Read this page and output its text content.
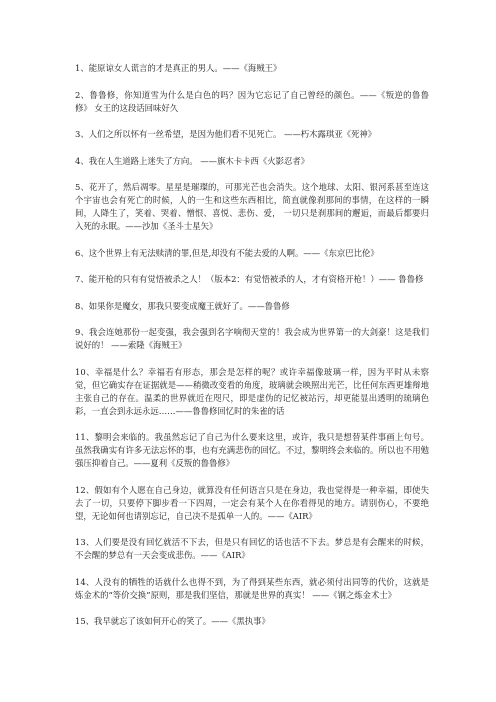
1、能原谅女人谎言的才是真正的男人。——《海贼王》
2、鲁鲁修，你知道雪为什么是白色的吗？因为它忘记了自己曾经的颜色。——《叛逆的鲁鲁修》 女王的这段话回味好久
3、人们之所以怀有一丝希望，是因为他们看不见死亡。 ——朽木露琪亚《死神》
4、我在人生道路上迷失了方向。 ——旗木卡卡西《火影忍者》
5、花开了，然后凋零。星星是璀璨的，可那光芒也会消失。这个地球、太阳、银河系甚至连这个宇宙也会有死亡的时候，人的一生和这些东西相比，简直就像刹那间的事情，在这样的一瞬间，人降生了，笑着、哭着、憎恨、喜悦、悲伤、爱， 一切只是刹那间的邂逅，而最后都要归入死的永眠。——沙加《圣斗士星矢》
6、这个世界上有无法赎清的罪,但是,却没有不能去爱的人啊。——《东京巴比伦》
7、能开枪的只有有觉悟被杀之人！（版本2：有觉悟被杀的人，才有资格开枪！）—— 鲁鲁修
8、如果你是魔女，那我只要变成魔王就好了。——鲁鲁修
9、我会连她那份一起变强，我会强到名字响彻天堂的！我会成为世界第一的大剑豪！这是我们说好的！ ——索隆《海贼王》
10、幸福是什么？幸福若有形态，那会是怎样的呢？或许幸福像玻璃一样，因为平时从未察觉，但它确实存在证据就是——稍微改变看的角度，玻璃就会映照出光芒，比任何东西更雄辩地主张自己的存在。温柔的世界就近在咫尺，即是虚伪的记忆被站污，却更能显出透明的琉璃色彩，一直会到永远永远……——鲁鲁修回忆时的朱雀的话
11、黎明会来临的。我虽然忘记了自己为什么要来这里，或许，我只是想替某件事画上句号。虽然我确实有许多无法忘怀的事，也有充满悲伤的回忆。不过，黎明终会来临的。所以也不用勉强压抑着自己。——夏利《反叛的鲁鲁修》
12、假如有个人愿在自己身边，就算没有任何语言只是在身边，我也觉得是一种幸福，即使失去了一切，只要停下脚步看一下四周，一定会有某个人在你看得见的地方。请别伤心，不要绝望，无论如何也请别忘记，自己决不是孤单一人的。——《AIR》
13、人们要是没有回忆就活不下去，但是只有回忆的话也活不下去。梦总是有会醒来的时候，不会醒的梦总有一天会变成悲伤。——《AIR》
14、人没有的牺牲的话就什么也得不到，为了得到某些东西，就必须付出同等的代价，这就是炼金术的“等价交换”原则，那是我们坚信，那就是世界的真实！ ——《钢之炼金术士》
15、我早就忘了该如何开心的笑了。——《黑执事》
